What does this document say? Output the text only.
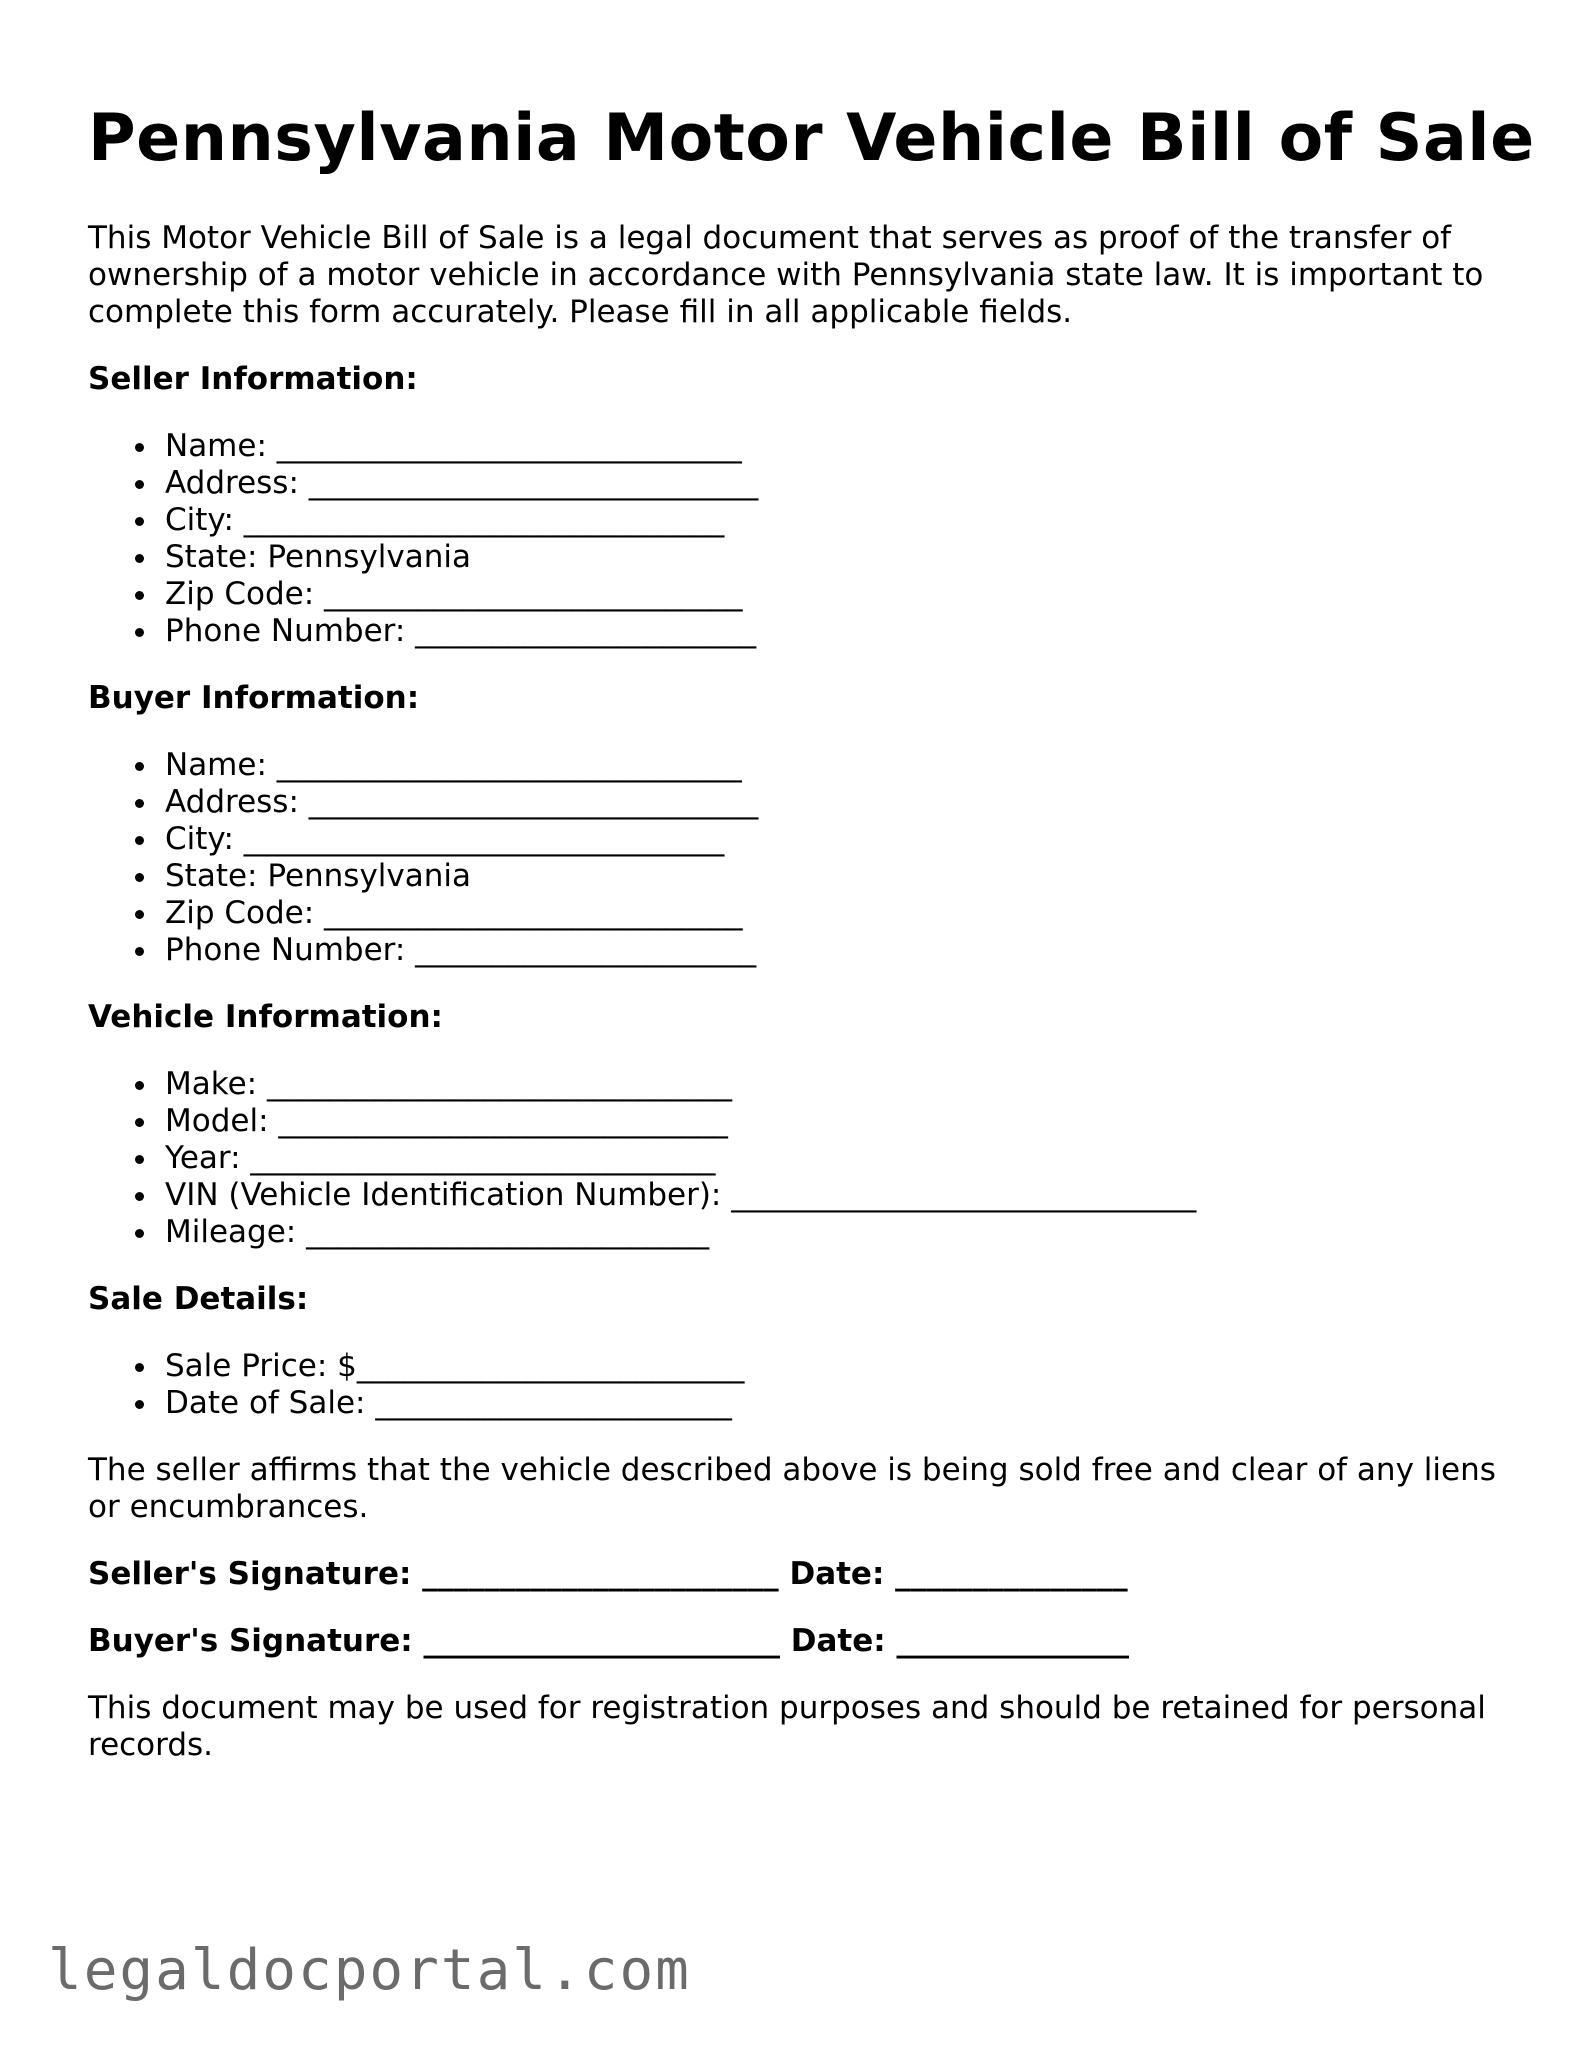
Pennsylvania Motor Vehicle Bill of Sale

This Motor Vehicle Bill of Sale is a legal document that serves as proof of the transfer of ownership of a motor vehicle in accordance with Pennsylvania state law. It is important to complete this form accurately. Please fill in all applicable fields.

Seller Information:
Name: ______________________________
Address: _____________________________
City: _______________________________
State: Pennsylvania
Zip Code: ___________________________
Phone Number: ______________________
Buyer Information:
Name: ______________________________
Address: _____________________________
City: _______________________________
State: Pennsylvania
Zip Code: ___________________________
Phone Number: ______________________
Vehicle Information:
Make: ______________________________
Model: _____________________________
Year: ______________________________
VIN (Vehicle Identification Number): ______________________________
Mileage: __________________________
Sale Details:
Sale Price: $_________________________
Date of Sale: _______________________

The seller affirms that the vehicle described above is being sold free and clear of any liens or encumbrances.

Seller's Signature: _______________________ Date: _______________
Buyer's Signature: _______________________ Date: _______________

This document may be used for registration purposes and should be retained for personal records.

legaldocportal.com
